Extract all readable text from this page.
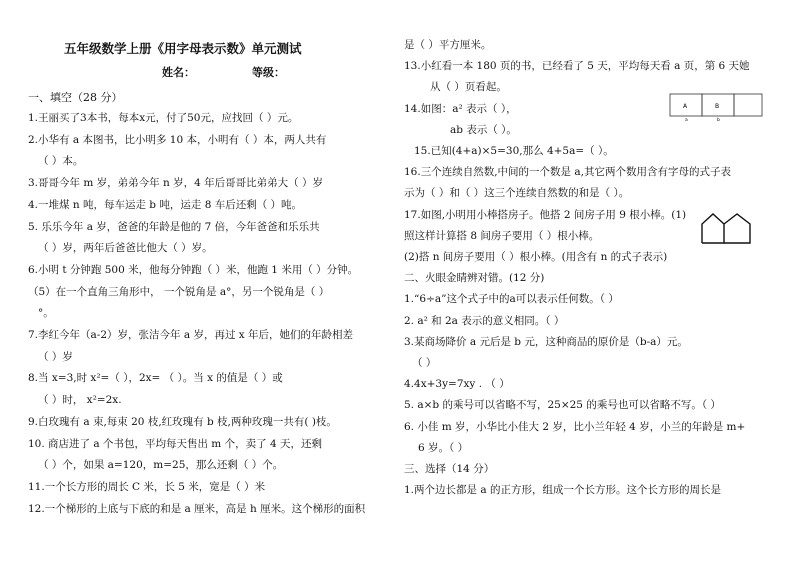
五年级数学上册《用字母表示数》单元测试
姓名：	等级：
一、填空（28 分）
1.王丽买了3本书，每本x元，付了50元，应找回（ ）元。
2.小华有 a 本图书，比小明多 10 本，小明有（ ）本，两人共有
（ ）本。
3.哥哥今年 m 岁，弟弟今年 n 岁，4 年后哥哥比弟弟大（ ）岁
4.一堆煤 n 吨，每车运走 b 吨，运走 8 车后还剩（ ）吨。
5. 乐乐今年 a 岁，爸爸的年龄是他的 7 倍，今年爸爸和乐乐共
（ ）岁，两年后爸爸比他大（ ）岁。
6.小明 t 分钟跑 500 米，他每分钟跑（ ）米，他跑 1 米用（ ）分钟。
（5）在一个直角三角形中， 一个锐角是 a°，另一个锐角是（ ）
°。
7.李红今年（a-2）岁，张洁今年 a 岁，再过 x 年后，她们的年龄相差
（ ）岁
8.当 x=3,时 x²=（ ），2x= （ ）。当 x 的值是（ ）或
（ ）时， x²=2x.
9.白玫瑰有 a 束,每束 20 枝,红玫瑰有 b 枝,两种玫瑰一共有( )枝。
10. 商店进了 a 个书包，平均每天售出 m 个，卖了 4 天，还剩
（ ）个，如果 a=120，m=25，那么还剩（ ）个。
11.一个长方形的周长 C 米，长 5 米，宽是（ ）米
12.一个梯形的上底与下底的和是 a 厘米，高是 h 厘米。这个梯形的面积
是（ ）平方厘米。
13.小红看一本 180 页的书，已经看了 5 天，平均每天看 a 页，第 6 天她
从（ ）页看起。
14.如图：a² 表示（ ），
ab 表示（ ）。
15.已知(4+a)×5=30,那么 4+5a=（ ）。
16.三个连续自然数,中间的一个数是 a,其它两个数用含有字母的式子表
示为（ ）和（ ）这三个连续自然数的和是（ ）。
17.如图,小明用小棒搭房子。他搭 2 间房子用 9 根小棒。(1)
照这样计算搭 8 间房子要用（ ）根小棒。
(2)搭 n 间房子要用（ ）根小棒。(用含有 n 的式子表示)
二、火眼金睛辨对错。(12 分)
1.“6÷a”这个式子中的a可以表示任何数。（ ）
2. a² 和 2a 表示的意义相同。（ ）
3.某商场降价 a 元后是 b 元，这种商品的原价是（b-a）元。
（ ）
4.4x+3y=7xy . （ ）
5. a×b 的乘号可以省略不写，25×25 的乘号也可以省略不写。（ ）
6. 小佳 m 岁，小华比小佳大 2 岁，比小兰年轻 4 岁，小兰的年龄是 m+
6 岁。（ ）
三、选择（14 分）
1.两个边长都是 a 的正方形，组成一个长方形。这个长方形的周长是
A	B
a	b
